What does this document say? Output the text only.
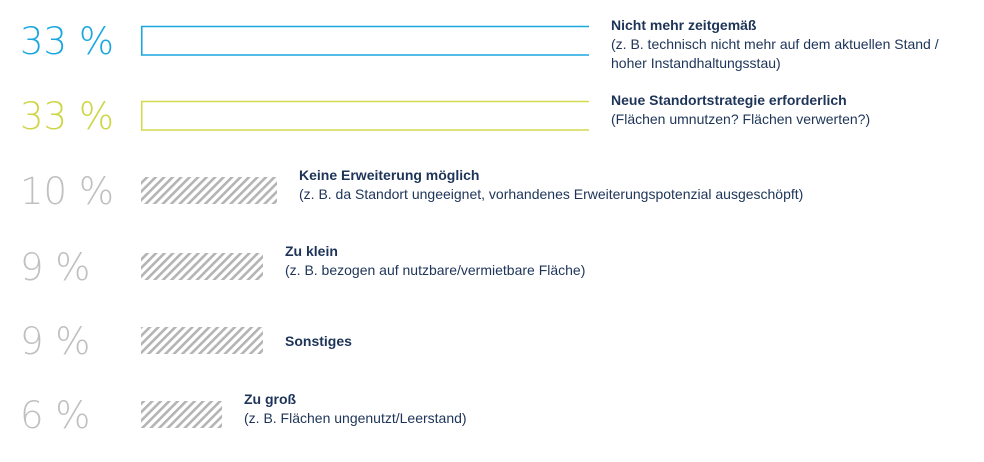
33 %	Nicht mehr zeitgemäß
(z. B. technisch nicht mehr auf dem aktuellen Stand /
hoher Instandhaltungsstau)
33 %	Neue Standortstrategie erforderlich
(Flächen umnutzen? Flächen verwerten?)
10 %	Keine Erweiterung möglich
(z. B. da Standort ungeeignet, vorhandenes Erweiterungspotenzial ausgeschöpft)
9 %	Zu klein
(z. B. bezogen auf nutzbare/vermietbare Fläche)
9 %	Sonstiges
6 %	Zu groß
(z. B. Flächen ungenutzt/Leerstand)
